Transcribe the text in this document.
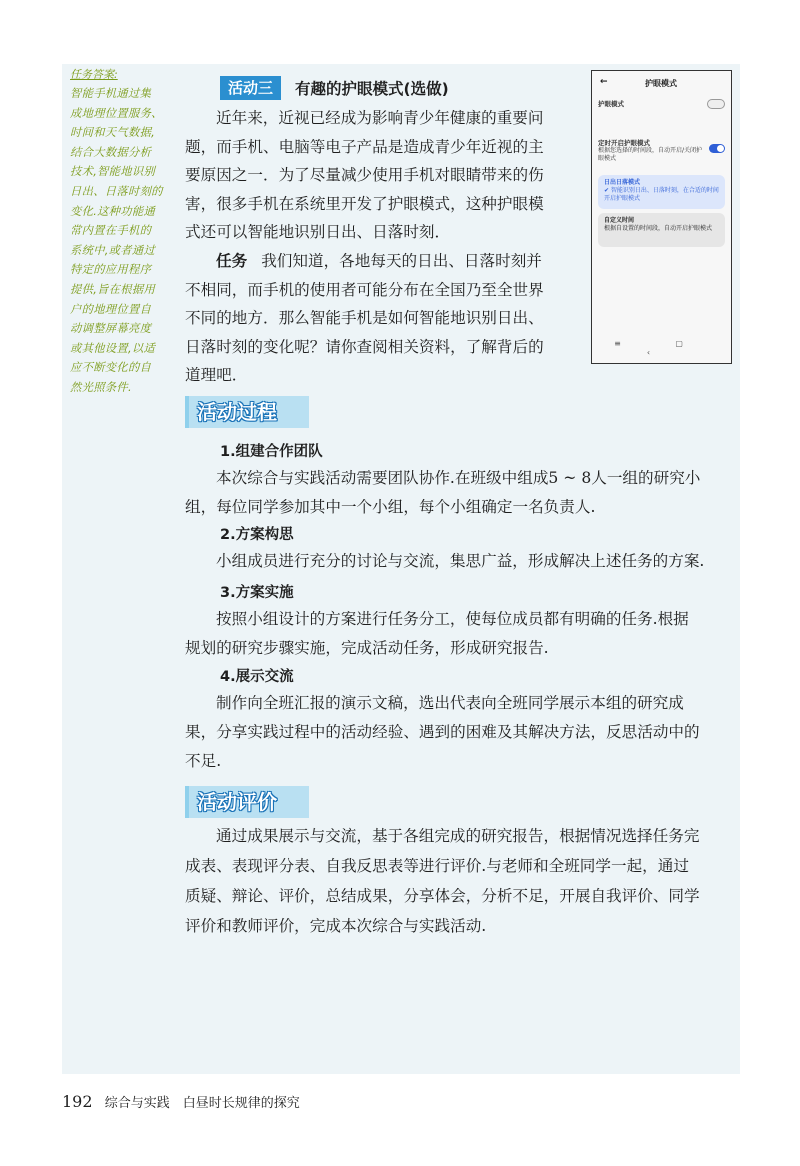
任务答案:
智能手机通过集
成地理位置服务、
时间和天气数据,
结合大数据分析
技术,智能地识别
日出、日落时刻的
变化.这种功能通
常内置在手机的
系统中,或者通过
特定的应用程序
提供,旨在根据用
户的地理位置自
动调整屏幕亮度
或其他设置,以适
应不断变化的自
然光照条件.
活动三	有趣的护眼模式(选做)
近年来，近视已经成为影响青少年健康的重要问
题，而手机、电脑等电子产品是造成青少年近视的主
要原因之一．为了尽量减少使用手机对眼睛带来的伤
害，很多手机在系统里开发了护眼模式，这种护眼模
式还可以智能地识别日出、日落时刻．
任务 我们知道，各地每天的日出、日落时刻并
不相同，而手机的使用者可能分布在全国乃至全世界
不同的地方．那么智能手机是如何智能地识别日出、
日落时刻的变化呢？请你查阅相关资料，了解背后的
道理吧．
←	护眼模式
护眼模式
定时开启护眼模式
根据您选择的时间段，自动开启/关闭护眼模式
日出日落模式
✔ 智能识别日出、日落时刻，在合适的时间开启护眼模式
自定义时间
根据自设置的时间段，自动开启护眼模式
≡ ▢ ‹
活动过程
1.组建合作团队
本次综合与实践活动需要团队协作.在班级中组成5 ~ 8人一组的研究小
组，每位同学参加其中一个小组，每个小组确定一名负责人.
2.方案构思
小组成员进行充分的讨论与交流，集思广益，形成解决上述任务的方案.
3.方案实施
按照小组设计的方案进行任务分工，使每位成员都有明确的任务.根据
规划的研究步骤实施，完成活动任务，形成研究报告.
4.展示交流
制作向全班汇报的演示文稿，选出代表向全班同学展示本组的研究成
果，分享实践过程中的活动经验、遇到的困难及其解决方法，反思活动中的
不足.
活动评价
通过成果展示与交流，基于各组完成的研究报告，根据情况选择任务完
成表、表现评分表、自我反思表等进行评价.与老师和全班同学一起，通过
质疑、辩论、评价，总结成果，分享体会，分析不足，开展自我评价、同学
评价和教师评价，完成本次综合与实践活动.
192 综合与实践　白昼时长规律的探究
